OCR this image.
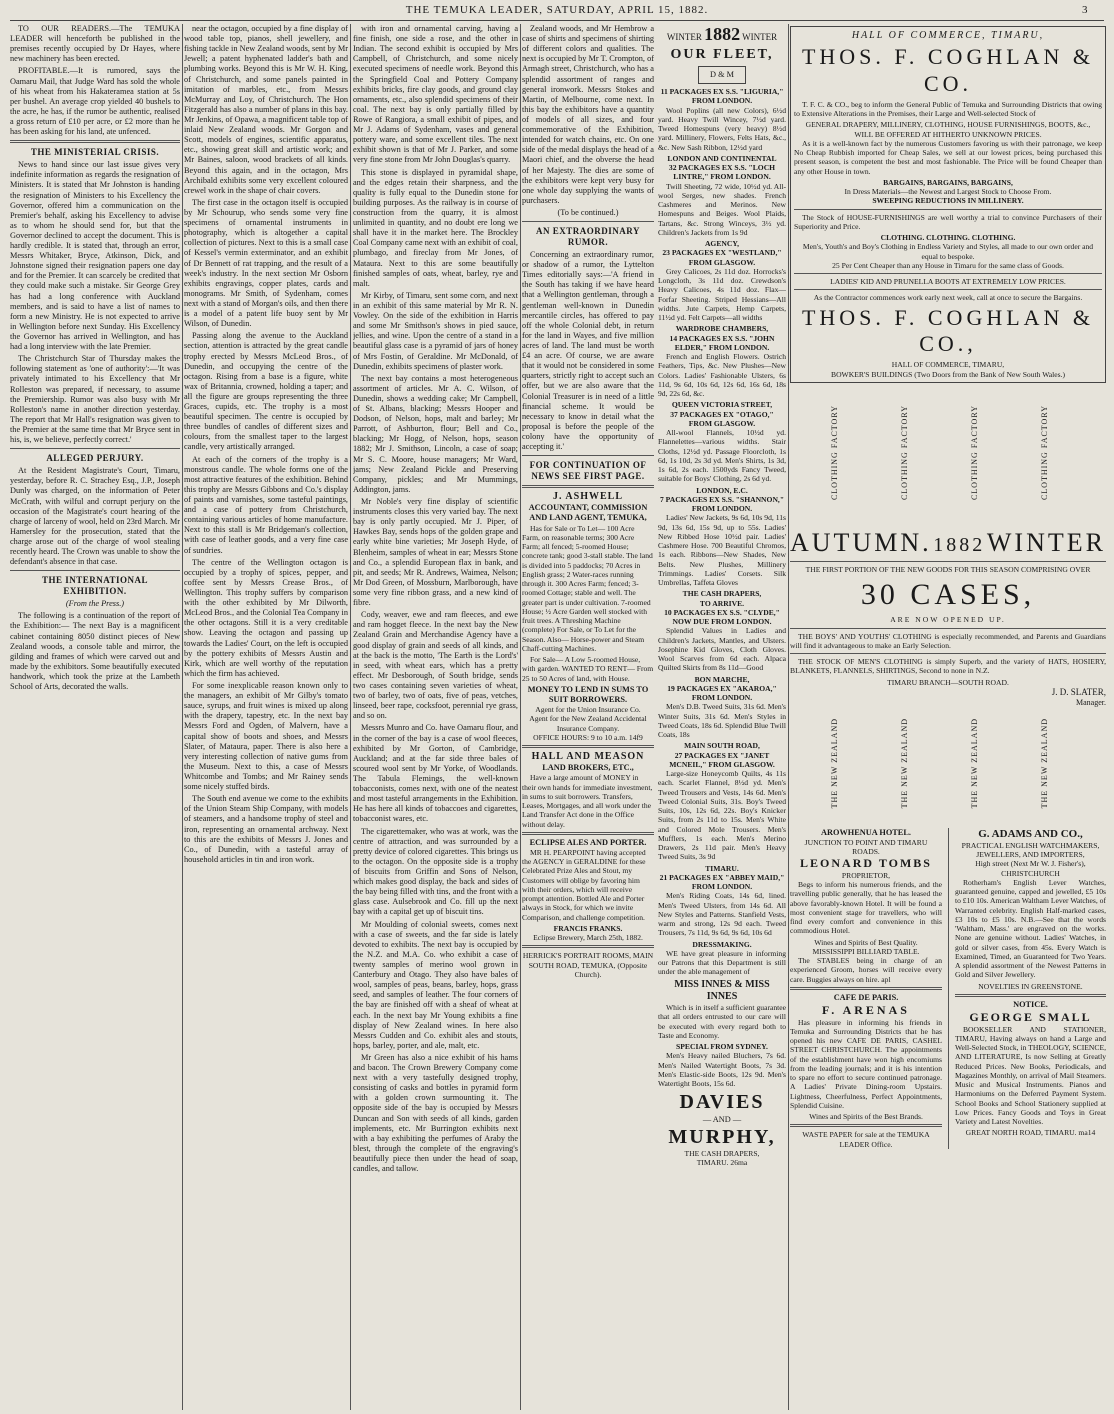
THE TEMUKA LEADER, SATURDAY, APRIL 15, 1882.	3

TO OUR READERS.—The TEMUKA LEADER will henceforth be published in the premises recently occupied by Dr Hayes, where new machinery has been erected.

PROFITABLE.—It is rumored, says the Oamaru Mail, that Judge Ward has sold the whole of his wheat from his Hakateramea station at 5s per bushel. An average crop yielded 40 bushels to the acre, he has, if the rumor be authentic, realised a gross return of £10 per acre, or £2 more than he has been asking for his land, ate unfenced.

THE MINISTERIAL CRISIS.

News to hand since our last issue gives very indefinite information as regards the resignation of Ministers. It is stated that Mr Johnston is handing the resignation of Ministers to his Excellency the Governor, offered him a communication on the Premier's behalf, asking his Excellency to advise as to whom he should send for, but that the Governor declined to accept the document. This is hardly credible. It is stated that, through an error, Messrs Whitaker, Bryce, Atkinson, Dick, and Johnstone signed their resignation papers one day and for the Premier. It can scarcely be credited that they could make such a mistake. Sir George Grey has had a long conference with Auckland members, and is said to have a list of names to form a new Ministry. He is not expected to arrive in Wellington before next Sunday. His Excellency the Governor has arrived in Wellington, and has had a long interview with the late Premier.

The Christchurch Star of Thursday makes the following statement as 'one of authority':—'It was privately intimated to his Excellency that Mr Rolleston was prepared, if necessary, to assume the Premiership. Rumor was also busy with Mr Rolleston's name in another direction yesterday. The report that Mr Hall's resignation was given to the Premier at the same time that Mr Bryce sent in his, is, we believe, perfectly correct.'

ALLEGED PERJURY.

At the Resident Magistrate's Court, Timaru, yesterday, before R. C. Strachey Esq., J.P., Joseph Dunly was charged, on the information of Peter McCrath, with wilful and corrupt perjury on the occasion of the Magistrate's court hearing of the charge of larceny of wool, held on 23rd March. Mr Hamersley for the prosecution, stated that the charge arose out of the charge of wool stealing recently heard. The Crown was unable to show the defendant's absence in that case.

THE INTERNATIONAL EXHIBITION.
(From the Press.)

The following is a continuation of the report of the Exhibition:— The next Bay is a magnificent cabinet containing 8050 distinct pieces of New Zealand woods, a console table and mirror, the gilding and frames of which were carved out and made by the exhibitors. Some beautifully executed handwork, which took the prize at the Lambeth School of Arts, decorated the walls.

near the octagon, occupied by a fine display of wood table top, pianos, shell jewellery, and fishing tackle in New Zealand woods, sent by Mr Jewell; a patent hyphenated ladder's bath and plumbing works. Beyond this is Mr W. H. King, of Christchurch, and some panels painted in imitation of marbles, etc., from Messrs McMurray and Loy, of Christchurch. The Hon Fitzgerald has also a number of plans in this bay. Mr Jenkins, of Opawa, a magnificent table top of inlaid New Zealand woods. Mr Gorgon and Scott, models of engines, scientific apparatus, etc., showing great skill and artistic work; and Mr Baines, saloon, wood brackets of all kinds. Beyond this again, and in the octagon, Mrs Archibald exhibits some very excellent coloured crewel work in the shape of chair covers.

The first case in the octagon itself is occupied by Mr Schourup, who sends some very fine specimens of ornamental instruments in photography, which is altogether a capital collection of pictures. Next to this is a small case of Kessel's vermin exterminator, and an exhibit of Dr Bennett of rat trapping, and the result of a week's industry. In the next section Mr Osborn exhibits engravings, copper plates, cards and monograms. Mr Smith, of Sydenham, comes next with a stand of Morgan's oils, and then there is a model of a patent life buoy sent by Mr Wilson, of Dunedin.

Passing along the avenue to the Auckland section, attention is attracted by the great candle trophy erected by Messrs McLeod Bros., of Dunedin, and occupying the centre of the octagon. Rising from a base is a figure, white wax of Britannia, crowned, holding a taper; and all the figure are groups representing the three Graces, cupids, etc. The trophy is a most beautiful specimen. The centre is occupied by three bundles of candles of different sizes and colours, from the smallest taper to the largest candle, very artistically arranged.

At each of the corners of the trophy is a monstrous candle. The whole forms one of the most attractive features of the exhibition. Behind this trophy are Messrs Gibbons and Co.'s display of paints and varnishes, some tasteful paintings, and a case of pottery from Christchurch, containing various articles of home manufacture. Next to this stall is Mr Bridgeman's collection, with case of leather goods, and a very fine case of sundries.

The centre of the Wellington octagon is occupied by a trophy of spices, pepper, and coffee sent by Messrs Crease Bros., of Wellington. This trophy suffers by comparison with the other exhibited by Mr Dilworth, McLeod Bros., and the Colonial Tea Company in the other octagons. Still it is a very creditable show. Leaving the octagon and passing up towards the Ladies' Court, on the left is occupied by the pottery exhibits of Messrs Austin and Kirk, which are well worthy of the reputation which the firm has achieved.

For some inexplicable reason known only to the managers, an exhibit of Mr Gilby's tomato sauce, syrups, and fruit wines is mixed up along with the drapery, tapestry, etc. In the next bay Messrs Ford and Ogden, of Malvern, have a capital show of boots and shoes, and Messrs Slater, of Mataura, paper. There is also here a very interesting collection of native gums from the Museum. Next to this, a case of Messrs Whitcombe and Tombs; and Mr Rainey sends some nicely stuffed birds.

The South end avenue we come to the exhibits of the Union Steam Ship Company, with models of steamers, and a handsome trophy of steel and iron, representing an ornamental archway. Next to this are the exhibits of Messrs J. Jones and Co., of Dunedin, with a tasteful array of household articles in tin and iron work.

with iron and ornamental carving, having a fine finish, one side a rose, and the other in Indian. The second exhibit is occupied by Mrs Campbell, of Christchurch, and some nicely executed specimens of needle work. Beyond this the Springfield Coal and Pottery Company exhibits bricks, fire clay goods, and ground clay ornaments, etc., also splendid specimens of their coal. The next bay is only partially filled by Rowe of Rangiora, a small exhibit of pipes, and Mr J. Adams of Sydenham, vases and general pottery ware, and some excellent tiles. The next exhibit shown is that of Mr J. Parker, and some very fine stone from Mr John Douglas's quarry.

This stone is displayed in pyramidal shape, and the edges retain their sharpness, and the quality is fully equal to the Dunedin stone for building purposes. As the railway is in course of construction from the quarry, it is almost unlimited in quantity, and no doubt ere long we shall have it in the market here. The Brockley Coal Company came next with an exhibit of coal, plumbago, and fireclay from Mr Jones, of Mataura. Next to this are some beautifully finished samples of oats, wheat, barley, rye and malt.

Mr Kirby, of Timaru, sent some corn, and next in an exhibit of this same material by Mr R. N. Vowley. On the side of the exhibition in Harris and some Mr Smithson's shows in pied sauce, jellies, and wine. Upon the centre of a stand in a beautiful glass case is a pyramid of jars of honey of Mrs Fostin, of Geraldine. Mr McDonald, of Dunedin, exhibits specimens of plaster work.

The next bay contains a most heterogeneous assortment of articles. Mr A. C. Wilson, of Dunedin, shows a wedding cake; Mr Campbell, of St. Albans, blacking; Messrs Hooper and Dodson, of Nelson, hops, malt and barley; Mr Parrott, of Ashburton, flour; Bell and Co., blacking; Mr Hogg, of Nelson, hops, season 1882; Mr J. Smithson, Lincoln, a case of soap; Mr S. C. Moore, house managers; Mr Ward, jams; New Zealand Pickle and Preserving Company, pickles; and Mr Mummings, Addington, jams.

Mr Noble's very fine display of scientific instruments closes this very varied bay. The next bay is only partly occupied. Mr J. Piper, of Hawkes Bay, sends hops of the golden grape and early white bine varieties; Mr Joseph Hyde, of Blenheim, samples of wheat in ear; Messrs Stone and Co., a splendid European flax in bank, and pit, and seeds; Mr R. Andrews, Waimea, Nelson; Mr Dod Green, of Mossburn, Marlborough, have some very fine ribbon grass, and a new kind of fibre.

Cody, weaver, ewe and ram fleeces, and ewe and ram hogget fleece. In the next bay the New Zealand Grain and Merchandise Agency have a good display of grain and seeds of all kinds, and at the back is the motto, 'The Earth is the Lord's' in seed, with wheat ears, which has a pretty effect. Mr Desborough, of South bridge, sends two cases containing seven varieties of wheat, two of barley, two of oats, five of peas, vetches, linseed, beer rape, cocksfoot, perennial rye grass, and so on.

Messrs Munro and Co. have Oamaru flour, and in the corner of the bay is a case of wool fleeces, exhibited by Mr Gorton, of Cambridge, Auckland; and at the far side three bales of scoured wool sent by Mr Yorke, of Woodlands. The Tabula Flemings, the well-known tobacconists, comes next, with one of the neatest and most tasteful arrangements in the Exhibition. He has here all kinds of tobaccoes and cigarettes, tobacconist wares, etc.

The cigarettemaker, who was at work, was the centre of attraction, and was surrounded by a pretty device of colored cigarettes. This brings us to the octagon. On the opposite side is a trophy of biscuits from Griffin and Sons of Nelson, which makes good display, the back and sides of the bay being filled with tins, and the front with a glass case. Aulsebrook and Co. fill up the next bay with a capital get up of biscuit tins.

Mr Moulding of colonial sweets, comes next with a case of sweets, and the far side is lately devoted to exhibits. The next bay is occupied by the N.Z. and M.A. Co. who exhibit a case of twenty samples of merino wool grown in Canterbury and Otago. They also have bales of wool, samples of peas, beans, barley, hops, grass seed, and samples of leather. The four corners of the bay are finished off with a sheaf of wheat at each. In the next bay Mr Young exhibits a fine display of New Zealand wines. In here also Messrs Cudden and Co. exhibit ales and stouts, hops, barley, porter, and ale, malt, etc.

Mr Green has also a nice exhibit of his hams and bacon. The Crown Brewery Company come next with a very tastefully designed trophy, consisting of casks and bottles in pyramid form with a golden crown surmounting it. The opposite side of the bay is occupied by Messrs Duncan and Son with seeds of all kinds, garden implements, etc. Mr Burrington exhibits next with a bay exhibiting the perfumes of Araby the blest, through the complete of the engraving's beautifully piece then under the head of soap, candles, and tallow.

Zealand woods, and Mr Hembrow a case of shirts and specimens of shirting of different colors and qualities. The next is occupied by Mr T. Crompton, of Armagh street, Christchurch, who has a splendid assortment of ranges and general ironwork. Messrs Stokes and Martin, of Melbourne, come next. In this bay the exhibitors have a quantity of models of all sizes, and four commemorative of the Exhibition, intended for watch chains, etc. On one side of the medal displays the head of a Maori chief, and the obverse the head of her Majesty. The dies are some of the exhibitors were kept very busy for one whole day supplying the wants of purchasers.

(To be continued.)
AN EXTRAORDINARY RUMOR.

Concerning an extraordinary rumor, or shadow of a rumor, the Lyttelton Times editorially says:—'A friend in the South has taking if we have heard that a Wellington gentleman, through a gentleman well-known in Dunedin mercantile circles, has offered to pay off the whole Colonial debt, in return for the land in Wayes, and five million acres of land. The land must be worth £4 an acre. Of course, we are aware that it would not be considered in some quarters, strictly right to accept such an offer, but we are also aware that the Colonial Treasurer is in need of a little financial scheme. It would be necessary to know in detail what the proposal is before the people of the colony have the opportunity of accepting it.'

FOR CONTINUATION OF NEWS SEE FIRST PAGE.
J. ASHWELL
ACCOUNTANT, COMMISSION AND LAND AGENT, TEMUKA,

Has for Sale or To Let— 100 Acre Farm, on reasonable terms; 300 Acre Farm; all fenced; 5-roomed House; concrete tank; good 3-stall stable. The land is divided into 5 paddocks; 70 Acres in English grass; 2 Water-races running through it. 300 Acres Farm; fenced; 3-roomed Cottage; stable and well. The greater part is under cultivation. 7-roomed House; ½ Acre Garden well stocked with fruit trees. A Threshing Machine (complete) For Sale, or To Let for the Season. Also— Horse-power and Steam Chaff-cutting Machines.

For Sale— A Low 5-roomed House, with garden. WANTED TO RENT— From 25 to 50 Acres of land, with House.

MONEY TO LEND IN SUMS TO SUIT BORROWERS.
Agent for the Union Insurance Co.
Agent for the New Zealand Accidental Insurance Company.
OFFICE HOURS: 9 to 10 a.m. 14f9
HALL AND MEASON
LAND BROKERS, ETC.,

Have a large amount of MONEY in their own hands for immediate investment, in sums to suit borrowers. Transfers, Leases, Mortgages, and all work under the Land Transfer Act done in the Office without delay.

ECLIPSE ALES AND PORTER.

MR H. PEARPOINT having accepted the AGENCY in GERALDINE for these Celebrated Prize Ales and Stout, my Customers will oblige by favoring him with their orders, which will receive prompt attention. Bottled Ale and Porter always in Stock, for which we invite Comparison, and challenge competition.

FRANCIS FRANKS.
Eclipse Brewery, March 25th, 1882.
HERRICK'S PORTRAIT ROOMS, MAIN SOUTH ROAD, TEMUKA, (Opposite Church).
WINTER 1882 WINTER
OUR FLEET,
D & M
11 PACKAGES EX S.S. "LIGURIA," FROM LONDON.

Wool Poplins (all new Colors), 6½d yard. Heavy Twill Wincey, 7½d yard. Tweed Homespuns (very heavy) 8½d yard. Millinery, Flowers, Felts Hats, &c., &c. New Sash Ribbon, 12½d yard

LONDON AND CONTINENTAL
32 PACKAGES EX S.S. "LOCH LINTRE," FROM LONDON.

Twill Sheeting, 72 wide, 10½d yd. All-wool Serges, new shades. French Cashmeres and Merinos. New Homespuns and Beiges. Wool Plaids, Tartans, &c. Strong Winceys, 3½ yd. Children's Jackets from 1s 9d

AGENCY,
23 PACKAGES EX "WESTLAND," FROM GLASGOW.

Grey Calicoes, 2s 11d doz. Horrocks's Longcloth, 3s 11d doz. Crewdson's Heavy Calicoes, 4s 11d doz. Flax—Forfar Sheeting. Striped Hessians—All widths. Jute Carpets, Hemp Carpets, 11½d yd. Felt Carpets—all widths

WARDROBE CHAMBERS,
14 PACKAGES EX S.S. "JOHN ELDER," FROM LONDON.

French and English Flowers. Ostrich Feathers, Tips, &c. New Plushes—New Colors. Ladies' Fashionable Ulsters, 6s 11d, 9s 6d, 10s 6d, 12s 6d, 16s 6d, 18s 9d, 22s 6d, &c.

QUEEN VICTORIA STREET,
37 PACKAGES EX "OTAGO," FROM GLASGOW.

All-wool Flannels, 10½d yd. Flannelettes—various widths. Stair Cloths, 12½d yd. Passage Floorcloth, 1s 6d, 1s 10d, 2s 3d yd. Men's Shirts, 1s 3d, 1s 6d, 2s each. 1500yds Fancy Tweed, suitable for Boys' Clothing, 2s 6d yd.

LONDON, E.C.
7 PACKAGES EX S.S. "SHANNON," FROM LONDON.

Ladies' New Jackets, 9s 6d, 10s 9d, 11s 9d, 13s 6d, 15s 9d, up to 55s. Ladies' New Ribbed Hose 10½d pair. Ladies' Cashmere Hose. 700 Beautiful Chromos, 1s each. Ribbons—New Shades, New Belts. New Plushes, Millinery Trimmings. Ladies' Corsets. Silk Umbrellas, Taffeta Gloves

THE CASH DRAPERS,
TO ARRIVE.
10 PACKAGES EX S.S. "CLYDE," NOW DUE FROM LONDON.

Splendid Values in Ladies and Children's Jackets, Mantles, and Ulsters. Josephine Kid Gloves, Cloth Gloves. Wool Scarves from 6d each. Alpaca Quilted Skirts from 8s 11d—Good

BON MARCHE,
19 PACKAGES EX "AKAROA," FROM LONDON.

Men's D.B. Tweed Suits, 31s 6d. Men's Winter Suits, 31s 6d. Men's Styles in Tweed Coats, 18s 6d. Splendid Blue Twill Coats, 18s

MAIN SOUTH ROAD,
27 PACKAGES EX "JANET MCNEIL," FROM GLASGOW.

Large-size Honeycomb Quilts, 4s 11s each. Scarlet Flannel, 8½d yd. Men's Tweed Trousers and Vests, 14s 6d. Men's Tweed Colonial Suits, 31s. Boy's Tweed Suits, 10s, 12s 6d, 22s. Boy's Knicker Suits, from 2s 11d to 15s. Men's White and Colored Mole Trousers. Men's Mufflers, 1s each. Men's Merino Drawers, 2s 11d pair. Men's Heavy Tweed Suits, 3s 9d

TIMARU.
21 PACKAGES EX "ABBEY MAID," FROM LONDON.

Men's Riding Coats, 14s 6d, lined. Men's Tweed Ulsters, from 14s 6d. All New Styles and Patterns. Stanfield Vests, warm and strong, 12s 9d each. Tweed Trousers, 7s 11d, 9s 6d, 9s 6d, 10s 6d

DRESSMAKING.

WE have great pleasure in informing our Patrons that this Department is still under the able management of

MISS INNES & MISS INNES

Which is in itself a sufficient guarantee that all orders entrusted to our care will be executed with every regard both to Taste and Economy.

SPECIAL FROM SYDNEY.

Men's Heavy nailed Bluchers, 7s 6d. Men's Nailed Watertight Boots, 7s 3d. Men's Elastic-side Boots, 12s 9d. Men's Watertight Boots, 15s 6d.

DAVIES
— AND —
MURPHY,
THE CASH DRAPERS,
TIMARU. 26ma
HALL OF COMMERCE, TIMARU,
THOS. F. COGHLAN & CO.

T. F. C. & CO., beg to inform the General Public of Temuka and Surrounding Districts that owing to Extensive Alterations in the Premises, their Large and Well-selected Stock of

GENERAL DRAPERY, MILLINERY, CLOTHING, HOUSE FURNISHINGS, BOOTS, &c.,
WILL BE OFFERED AT HITHERTO UNKNOWN PRICES.

As it is a well-known fact by the numerous Customers favoring us with their patronage, we keep No Cheap Rubbish imported for Cheap Sales, we sell at our lowest prices, being purchased this present season, is competent the best and most fashionable. The Price will be found Cheaper than any other House in town.

BARGAINS, BARGAINS, BARGAINS,
In Dress Materials—the Newest and Largest Stock to Choose From.
SWEEPING REDUCTIONS IN MILLINERY.

The Stock of HOUSE-FURNISHINGS are well worthy a trial to convince Purchasers of their Superiority and Price.

CLOTHING. CLOTHING. CLOTHING.
Men's, Youth's and Boy's Clothing in Endless Variety and Styles, all made to our own order and equal to bespoke.
25 Per Cent Cheaper than any House in Timaru for the same class of Goods.
LADIES' KID AND PRUNELLA BOOTS AT EXTREMELY LOW PRICES.
As the Contractor commences work early next week, call at once to secure the Bargains.
THOS. F. COGHLAN & CO.,
HALL OF COMMERCE, TIMARU,
BOWKER'S BUILDINGS (Two Doors from the Bank of New South Wales.)
CLOTHING FACTORY	CLOTHING FACTORY	CLOTHING FACTORY	CLOTHING FACTORY
AUTUMN. 1882 WINTER
THE FIRST PORTION OF THE NEW GOODS FOR THIS SEASON COMPRISING OVER
30 CASES,
ARE NOW OPENED UP.

THE BOYS' AND YOUTHS' CLOTHING is especially recommended, and Parents and Guardians will find it advantageous to make an Early Selection.

THE STOCK OF MEN'S CLOTHING is simply Superb, and the variety of HATS, HOSIERY, BLANKETS, FLANNELS, SHIRTINGS, Second to none in N.Z.

TIMARU BRANCH—SOUTH ROAD.
J. D. SLATER,
Manager.
THE NEW ZEALAND	THE NEW ZEALAND	THE NEW ZEALAND	THE NEW ZEALAND
AROWHENUA HOTEL.
JUNCTION TO POINT AND TIMARU ROADS.
LEONARD TOMBS
PROPRIETOR,

Begs to inform his numerous friends, and the travelling public generally, that he has leased the above favorably-known Hotel. It will be found a most convenient stage for travellers, who will find every comfort and convenience in this commodious Hotel.

Wines and Spirits of Best Quality.
MISSISSIPPI BILLIARD TABLE.

The STABLES being in charge of an experienced Groom, horses will receive every care. Buggies always on hire. apl

CAFE DE PARIS.
F. ARENAS

Has pleasure in informing his friends in Temuka and Surrounding Districts that he has opened his new CAFE DE PARIS, CASHEL STREET CHRISTCHURCH. The appointments of the establishment have won high encomiums from the leading journals; and it is his intention to spare no effort to secure continued patronage. A Ladies' Private Dining-room Upstairs. Lightness, Cheerfulness, Perfect Appointments, Splendid Cuisine.

Wines and Spirits of the Best Brands.
WASTE PAPER for sale at the TEMUKA LEADER Office.
G. ADAMS AND CO.,
PRACTICAL ENGLISH WATCHMAKERS, JEWELLERS, AND IMPORTERS,
High street (Next Mr W. J. Fisher's), CHRISTCHURCH

Rotherham's English Lever Watches, guaranteed genuine, capped and jewelled, £5 10s to £10 10s. American Waltham Lever Watches, of Warranted celebrity. English Half-marked cases, £3 10s to £5 10s. N.B.—See that the words 'Waltham, Mass.' are engraved on the works. None are genuine without. Ladies' Watches, in gold or silver cases, from 45s. Every Watch is Examined, Timed, an Guaranteed for Two Years. A splendid assortment of the Newest Patterns in Gold and Silver Jewellery.

NOVELTIES IN GREENSTONE.
NOTICE.
GEORGE SMALL

BOOKSELLER AND STATIONER, TIMARU, Having always on hand a Large and Well-Selected Stock, in THEOLOGY, SCIENCE, AND LITERATURE, Is now Selling at Greatly Reduced Prices. New Books, Periodicals, and Magazines Monthly, on arrival of Mail Steamers. Music and Musical Instruments. Pianos and Harmoniums on the Deferred Payment System. School Books and School Stationery supplied at Low Prices. Fancy Goods and Toys in Great Variety and Latest Novelties.

GREAT NORTH ROAD, TIMARU. ma14
